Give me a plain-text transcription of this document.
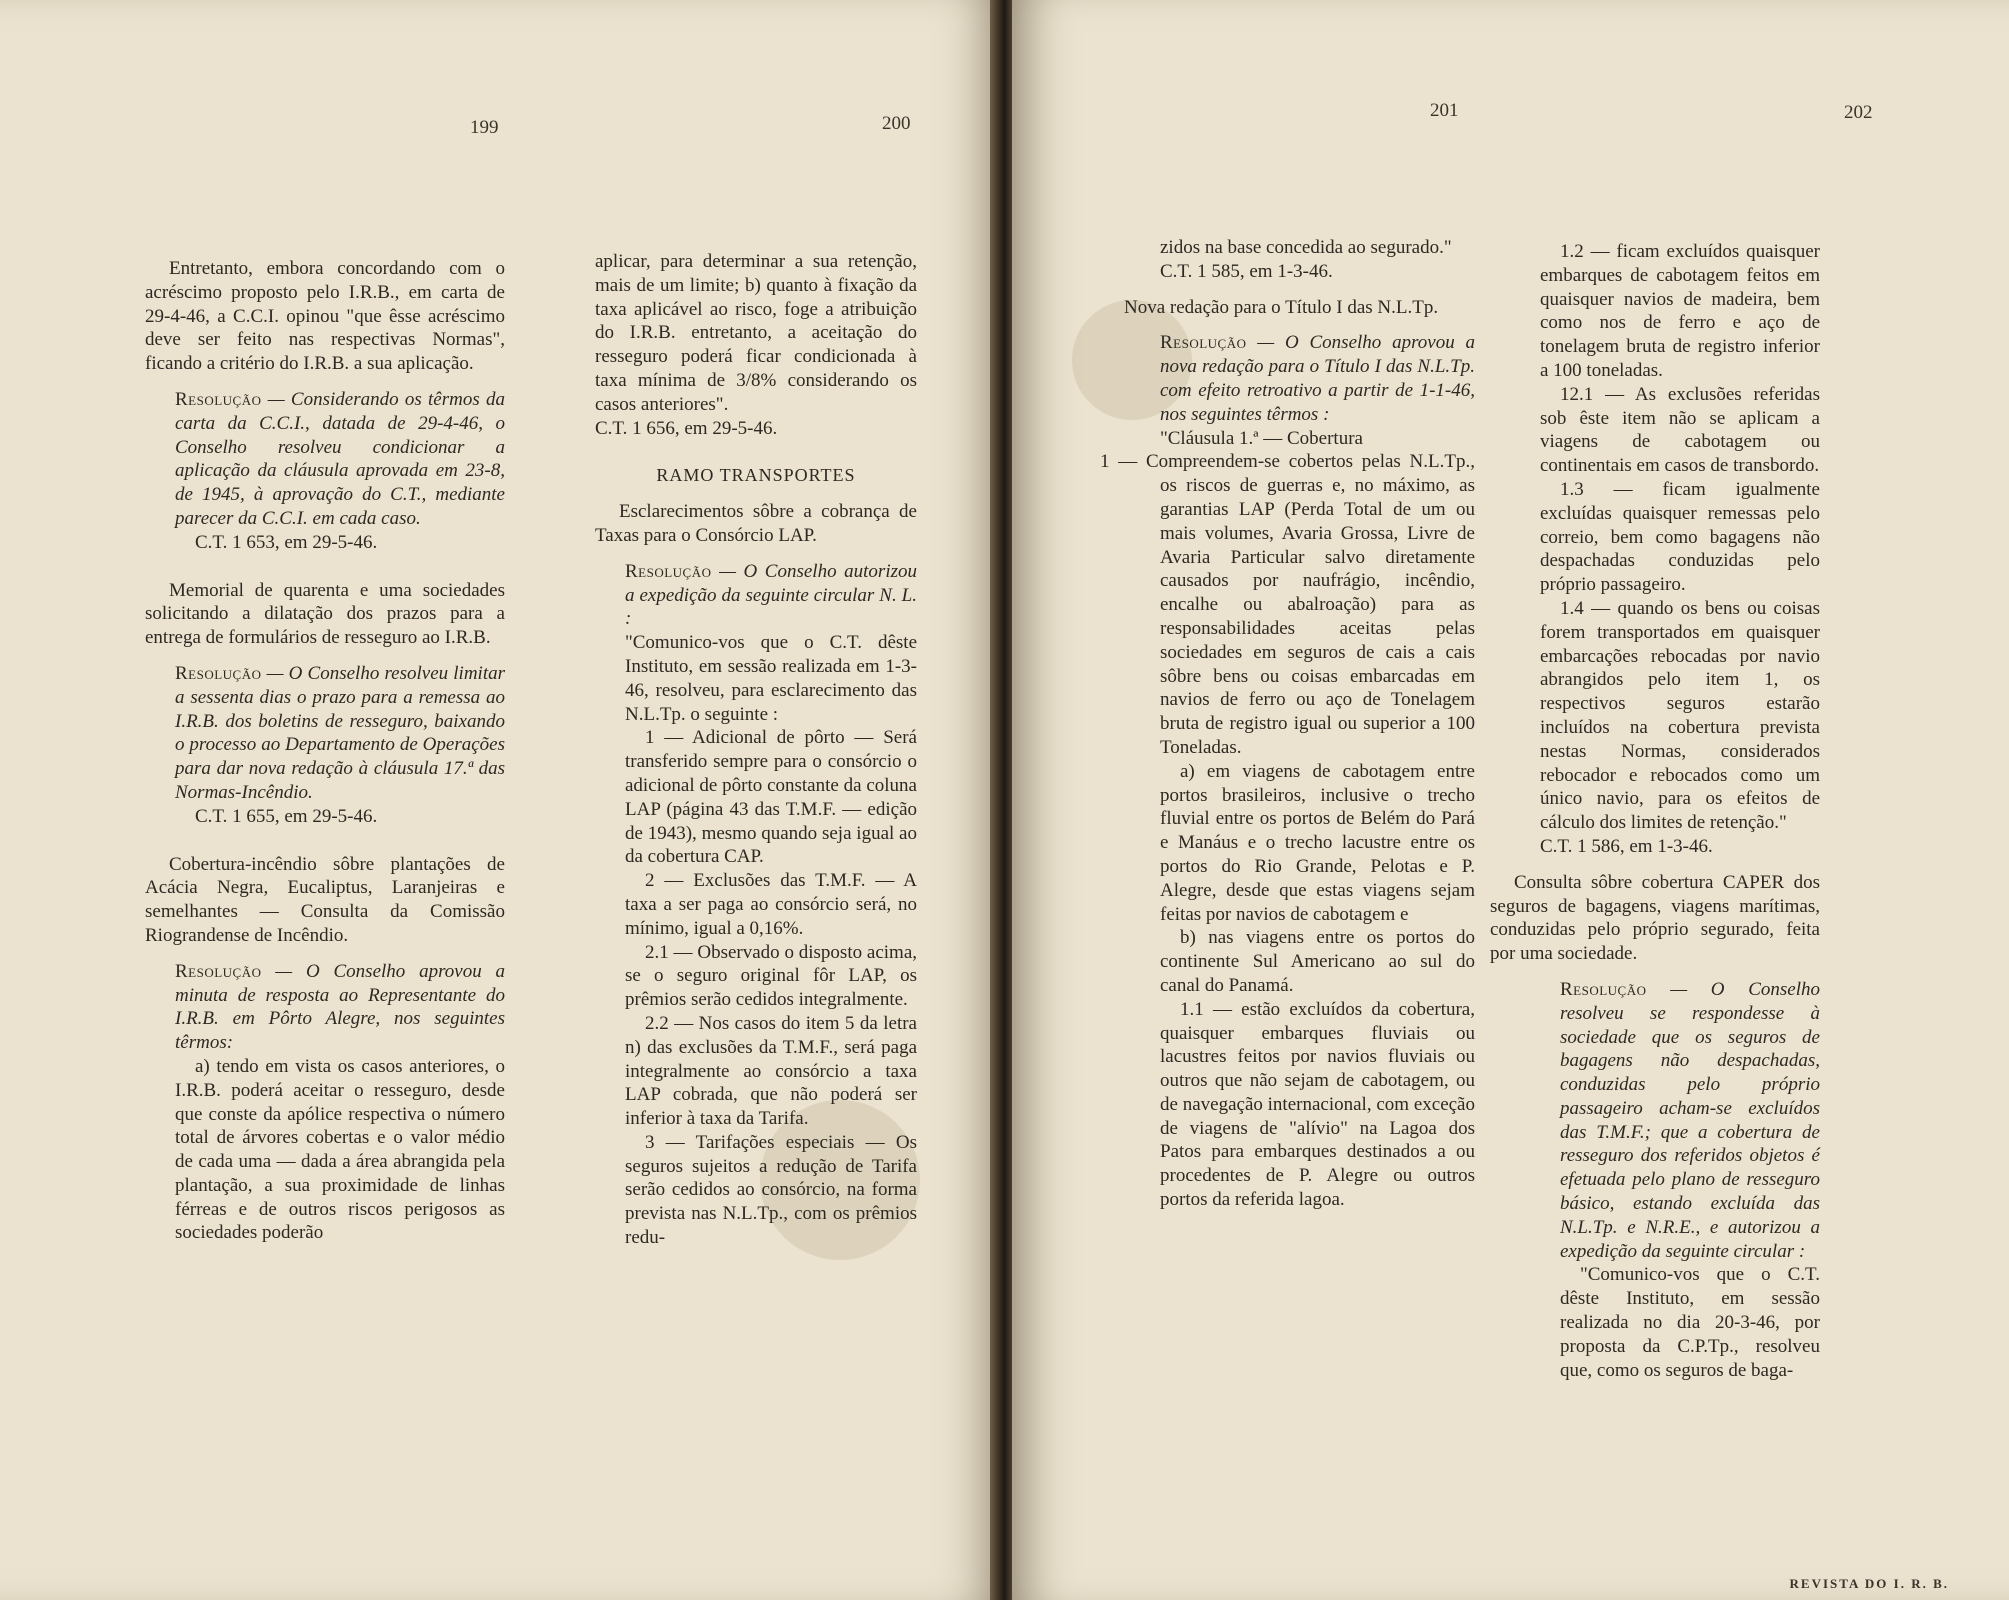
199	200

Entretanto, embora concordando com o acréscimo proposto pelo I.R.B., em carta de 29-4-46, a C.C.I. opinou "que êsse acréscimo deve ser feito nas respectivas Normas", ficando a critério do I.R.B. a sua aplicação.

Resolução — Considerando os têrmos da carta da C.C.I., datada de 29-4-46, o Conselho resolveu condicionar a aplicação da cláusula aprovada em 23-8, de 1945, à aprovação do C.T., mediante parecer da C.C.I. em cada caso.

C.T. 1 653, em 29-5-46.

Memorial de quarenta e uma sociedades solicitando a dilatação dos prazos para a entrega de formulários de resseguro ao I.R.B.

Resolução — O Conselho resolveu limitar a sessenta dias o prazo para a remessa ao I.R.B. dos boletins de resseguro, baixando o processo ao Departamento de Operações para dar nova redação à cláusula 17.ª das Normas-Incêndio.

C.T. 1 655, em 29-5-46.

Cobertura-incêndio sôbre plantações de Acácia Negra, Eucaliptus, Laranjeiras e semelhantes — Consulta da Comissão Riograndense de Incêndio.

Resolução — O Conselho aprovou a minuta de resposta ao Representante do I.R.B. em Pôrto Alegre, nos seguintes têrmos:

a) tendo em vista os casos anteriores, o I.R.B. poderá aceitar o resseguro, desde que conste da apólice respectiva o número total de árvores cobertas e o valor médio de cada uma — dada a área abrangida pela plantação, a sua proximidade de linhas férreas e de outros riscos perigosos as sociedades poderão

aplicar, para determinar a sua retenção, mais de um limite; b) quanto à fixação da taxa aplicável ao risco, foge a atribuição do I.R.B. entretanto, a aceitação do resseguro poderá ficar condicionada à taxa mínima de 3/8% considerando os casos anteriores".

C.T. 1 656, em 29-5-46.

RAMO TRANSPORTES

Esclarecimentos sôbre a cobrança de Taxas para o Consórcio LAP.

Resolução — O Conselho autorizou a expedição da seguinte circular N. L. :

"Comunico-vos que o C.T. dêste Instituto, em sessão realizada em 1-3-46, resolveu, para esclarecimento das N.L.Tp. o seguinte :

1 — Adicional de pôrto — Será transferido sempre para o consórcio o adicional de pôrto constante da coluna LAP (página 43 das T.M.F. — edição de 1943), mesmo quando seja igual ao da cobertura CAP.

2 — Exclusões das T.M.F. — A taxa a ser paga ao consórcio será, no mínimo, igual a 0,16%.

2.1 — Observado o disposto acima, se o seguro original fôr LAP, os prêmios serão cedidos integralmente.

2.2 — Nos casos do item 5 da letra n) das exclusões da T.M.F., será paga integralmente ao consórcio a taxa LAP cobrada, que não poderá ser inferior à taxa da Tarifa.

3 — Tarifações especiais — Os seguros sujeitos a redução de Tarifa serão cedidos ao consórcio, na forma prevista nas N.L.Tp., com os prêmios redu-

201	202

zidos na base concedida ao segurado."

C.T. 1 585, em 1-3-46.

Nova redação para o Título I das N.L.Tp.

Resolução — O Conselho aprovou a nova redação para o Título I das N.L.Tp. com efeito retroativo a partir de 1-1-46, nos seguintes têrmos :

"Cláusula 1.ª — Cobertura

1 — Compreendem-se cobertos pelas N.L.Tp., os riscos de guerras e, no máximo, as garantias LAP (Perda Total de um ou mais volumes, Avaria Grossa, Livre de Avaria Particular salvo diretamente causados por naufrágio, incêndio, encalhe ou abalroação) para as responsabilidades aceitas pelas sociedades em seguros de cais a cais sôbre bens ou coisas embarcadas em navios de ferro ou aço de Tonelagem bruta de registro igual ou superior a 100 Toneladas.

a) em viagens de cabotagem entre portos brasileiros, inclusive o trecho fluvial entre os portos de Belém do Pará e Manáus e o trecho lacustre entre os portos do Rio Grande, Pelotas e P. Alegre, desde que estas viagens sejam feitas por navios de cabotagem e

b) nas viagens entre os portos do continente Sul Americano ao sul do canal do Panamá.

1.1 — estão excluídos da cobertura, quaisquer embarques fluviais ou lacustres feitos por navios fluviais ou outros que não sejam de cabotagem, ou de navegação internacional, com exceção de viagens de "alívio" na Lagoa dos Patos para embarques destinados a ou procedentes de P. Alegre ou outros portos da referida lagoa.

1.2 — ficam excluídos quaisquer embarques de cabotagem feitos em quaisquer navios de madeira, bem como nos de ferro e aço de tonelagem bruta de registro inferior a 100 toneladas.

12.1 — As exclusões referidas sob êste item não se aplicam a viagens de cabotagem ou continentais em casos de transbordo.

1.3 — ficam igualmente excluídas quaisquer remessas pelo correio, bem como bagagens não despachadas conduzidas pelo próprio passageiro.

1.4 — quando os bens ou coisas forem transportados em quaisquer embarcações rebocadas por navio abrangidos pelo item 1, os respectivos seguros estarão incluídos na cobertura prevista nestas Normas, considerados rebocador e rebocados como um único navio, para os efeitos de cálculo dos limites de retenção."

C.T. 1 586, em 1-3-46.

Consulta sôbre cobertura CAPER dos seguros de bagagens, viagens marítimas, conduzidas pelo próprio segurado, feita por uma sociedade.

Resolução — O Conselho resolveu se respondesse à sociedade que os seguros de bagagens não despachadas, conduzidas pelo próprio passageiro acham-se excluídos das T.M.F.; que a cobertura de resseguro dos referidos objetos é efetuada pelo plano de resseguro básico, estando excluída das N.L.Tp. e N.R.E., e autorizou a expedição da seguinte circular :

"Comunico-vos que o C.T. dêste Instituto, em sessão realizada no dia 20-3-46, por proposta da C.P.Tp., resolveu que, como os seguros de baga-

REVISTA DO I. R. B.
